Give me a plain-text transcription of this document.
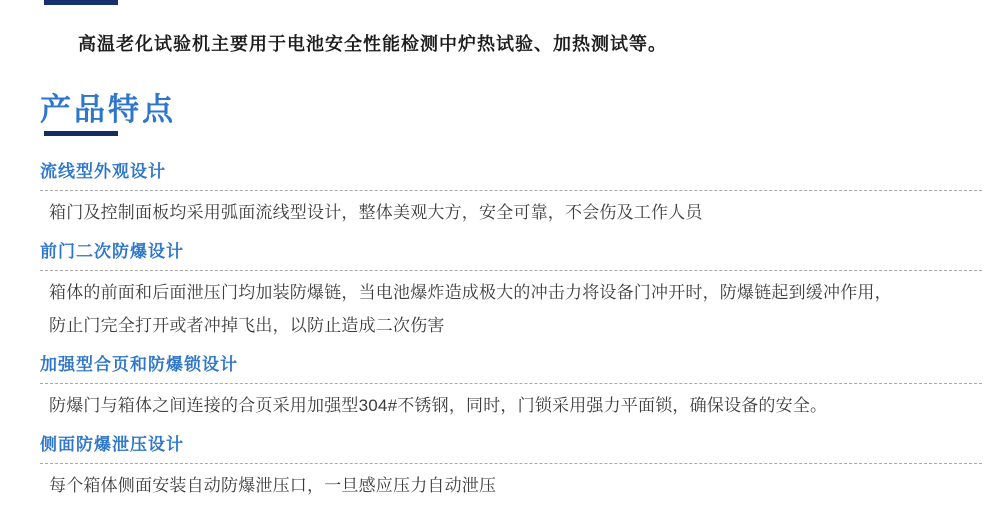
高温老化试验机主要用于电池安全性能检测中炉热试验、加热测试等。

产品特点
流线型外观设计
箱门及控制面板均采用弧面流线型设计，整体美观大方，安全可靠，不会伤及工作人员
前门二次防爆设计
箱体的前面和后面泄压门均加装防爆链，当电池爆炸造成极大的冲击力将设备门冲开时，防爆链起到缓冲作用，
防止门完全打开或者冲掉飞出，以防止造成二次伤害
加强型合页和防爆锁设计
防爆门与箱体之间连接的合页采用加强型304#不锈钢，同时，门锁采用强力平面锁，确保设备的安全。
侧面防爆泄压设计
每个箱体侧面安装自动防爆泄压口，一旦感应压力自动泄压
